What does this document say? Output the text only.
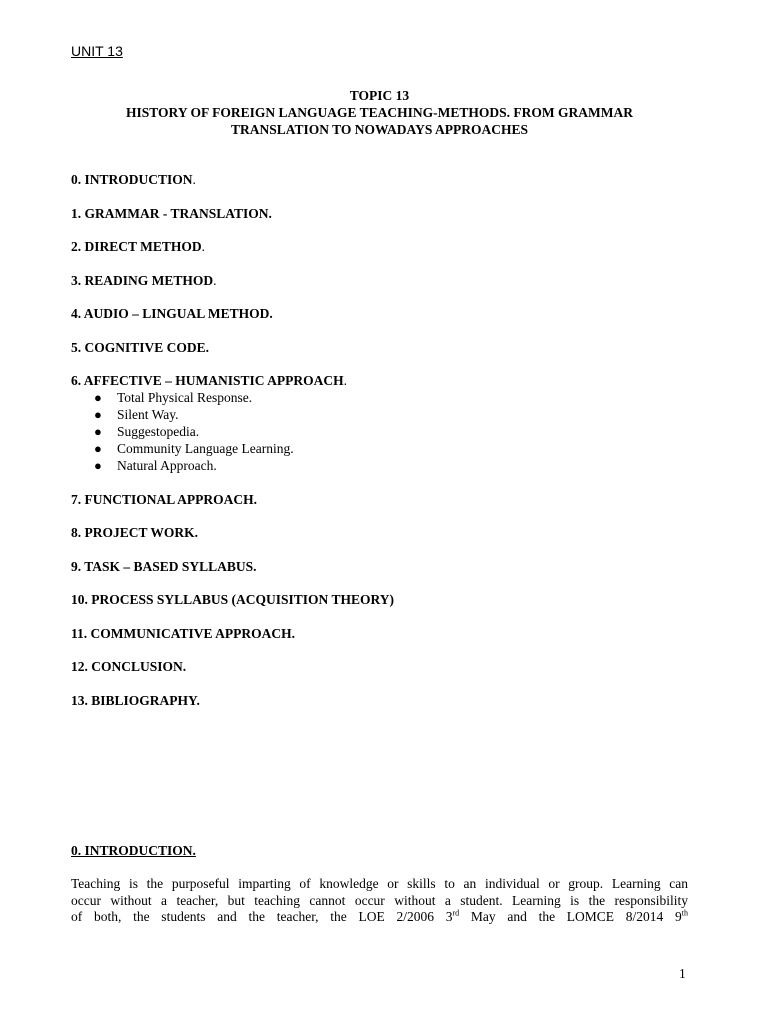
UNIT 13
TOPIC 13
HISTORY OF FOREIGN LANGUAGE TEACHING-METHODS. FROM GRAMMAR
TRANSLATION TO NOWADAYS APPROACHES
0. INTRODUCTION.
1. GRAMMAR - TRANSLATION.
2. DIRECT METHOD.
3. READING METHOD.
4. AUDIO – LINGUAL METHOD.
5. COGNITIVE CODE.
6. AFFECTIVE – HUMANISTIC APPROACH.
● Total Physical Response.
● Silent Way.
● Suggestopedia.
● Community Language Learning.
● Natural Approach.
7. FUNCTIONAL APPROACH.
8. PROJECT WORK.
9. TASK – BASED SYLLABUS.
10. PROCESS SYLLABUS (ACQUISITION THEORY)
11. COMMUNICATIVE APPROACH.
12. CONCLUSION.
13. BIBLIOGRAPHY.
0. INTRODUCTION.
Teaching is the purposeful imparting of knowledge or skills to an individual or group. Learning can
occur without a teacher, but teaching cannot occur without a student. Learning is the responsibility
of both, the students and the teacher, the LOE 2/2006 3rd May and the LOMCE 8/2014 9th
1
